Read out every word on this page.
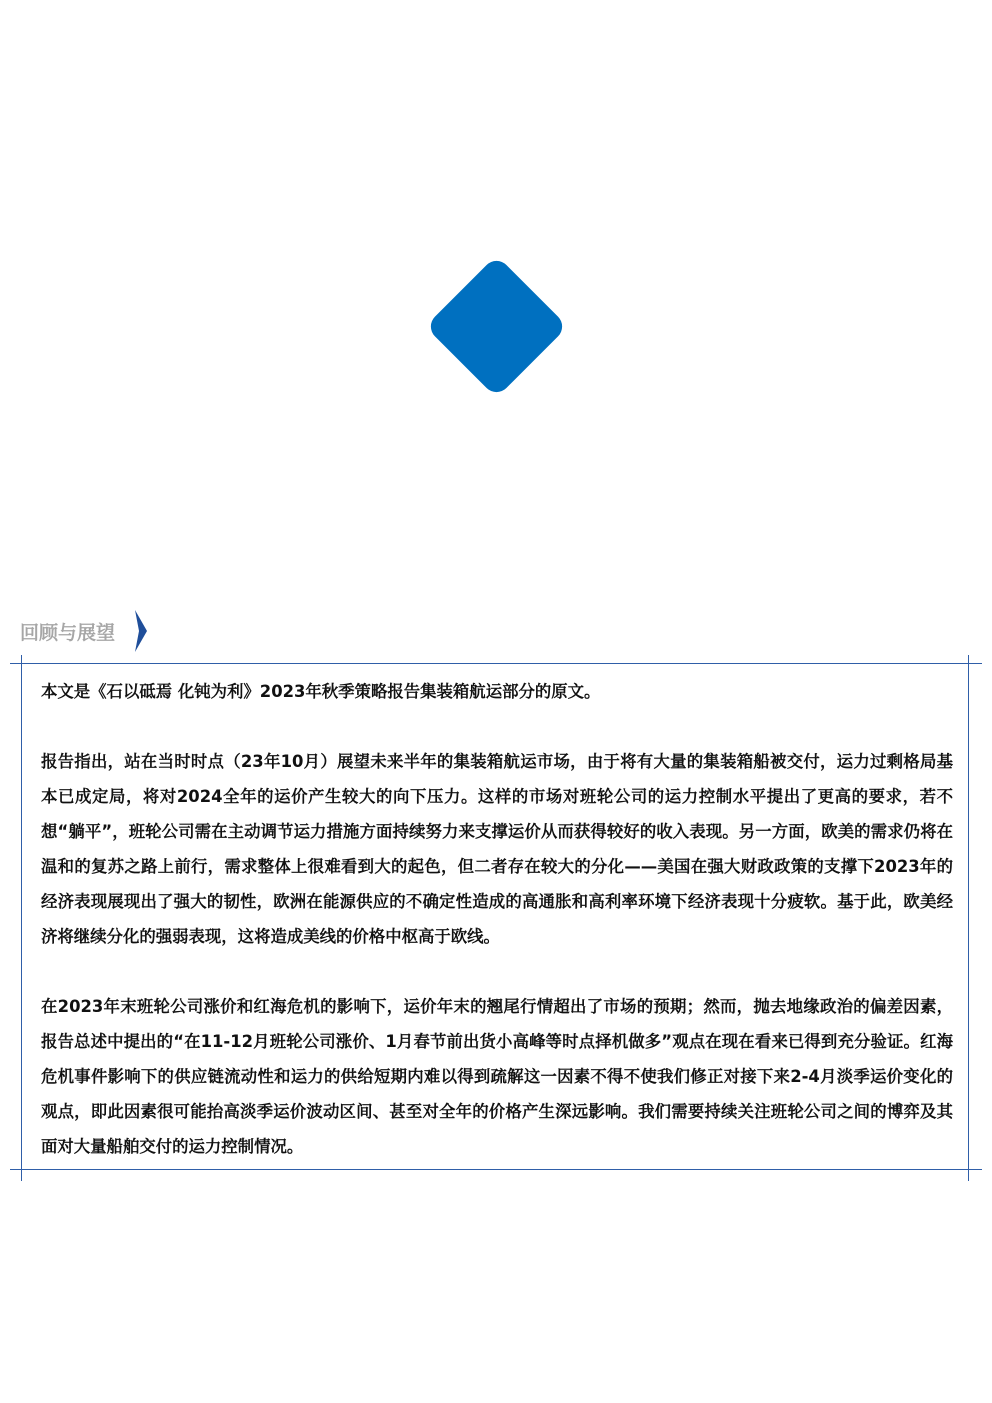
回顾与展望

本文是《石以砥焉 化钝为利》2023年秋季策略报告集装箱航运部分的原文。

报告指出，站在当时时点（23年10月）展望未来半年的集装箱航运市场，由于将有大量的集装箱船被交付，运力过剩格局基本已成定局，将对2024全年的运价产生较大的向下压力。这样的市场对班轮公司的运力控制水平提出了更高的要求，若不想“躺平”，班轮公司需在主动调节运力措施方面持续努力来支撑运价从而获得较好的收入表现。另一方面，欧美的需求仍将在温和的复苏之路上前行，需求整体上很难看到大的起色，但二者存在较大的分化——美国在强大财政政策的支撑下2023年的经济表现展现出了强大的韧性，欧洲在能源供应的不确定性造成的高通胀和高利率环境下经济表现十分疲软。基于此，欧美经济将继续分化的强弱表现，这将造成美线的价格中枢高于欧线。

在2023年末班轮公司涨价和红海危机的影响下，运价年末的翘尾行情超出了市场的预期；然而，抛去地缘政治的偏差因素，报告总述中提出的“在11-12月班轮公司涨价、1月春节前出货小高峰等时点择机做多”观点在现在看来已得到充分验证。红海危机事件影响下的供应链流动性和运力的供给短期内难以得到疏解这一因素不得不使我们修正对接下来2-4月淡季运价变化的观点，即此因素很可能抬高淡季运价波动区间、甚至对全年的价格产生深远影响。我们需要持续关注班轮公司之间的博弈及其面对大量船舶交付的运力控制情况。
